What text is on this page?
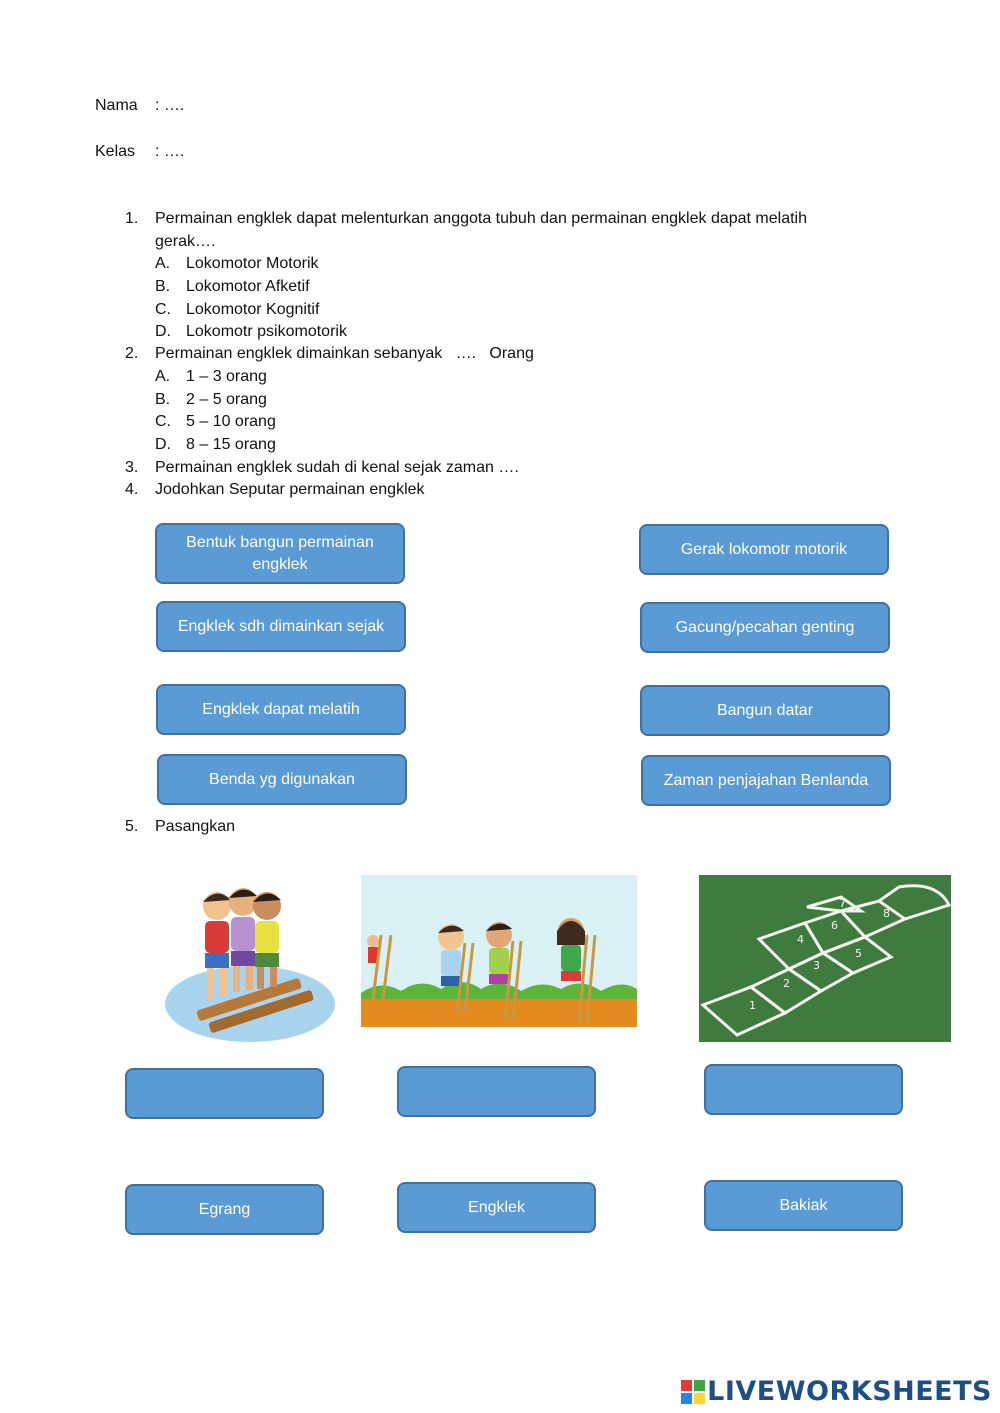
Nama : ….
Kelas : ….
1. Permainan engklek dapat melenturkan anggota tubuh dan permainan engklek dapat melatih
gerak….
A. Lokomotor Motorik
B. Lokomotor Afketif
C. Lokomotor Kognitif
D. Lokomotr psikomotorik
2. Permainan engklek dimainkan sebanyak   ….   Orang
A. 1 – 3 orang
B. 2 – 5 orang
C. 5 – 10 orang
D. 8 – 15 orang
3. Permainan engklek sudah di kenal sejak zaman ….
4. Jodohkan Seputar permainan engklek
Bentuk bangun permainan engklek
Engklek sdh dimainkan sejak
Engklek dapat melatih
Benda yg digunakan
Gerak lokomotr motorik
Gacung/pecahan genting
Bangun datar
Zaman penjajahan Benlanda
5. Pasangkan
1
2
3
4
5
6
7
8
Egrang	Engklek	Bakiak
LIVEWORKSHEETS
